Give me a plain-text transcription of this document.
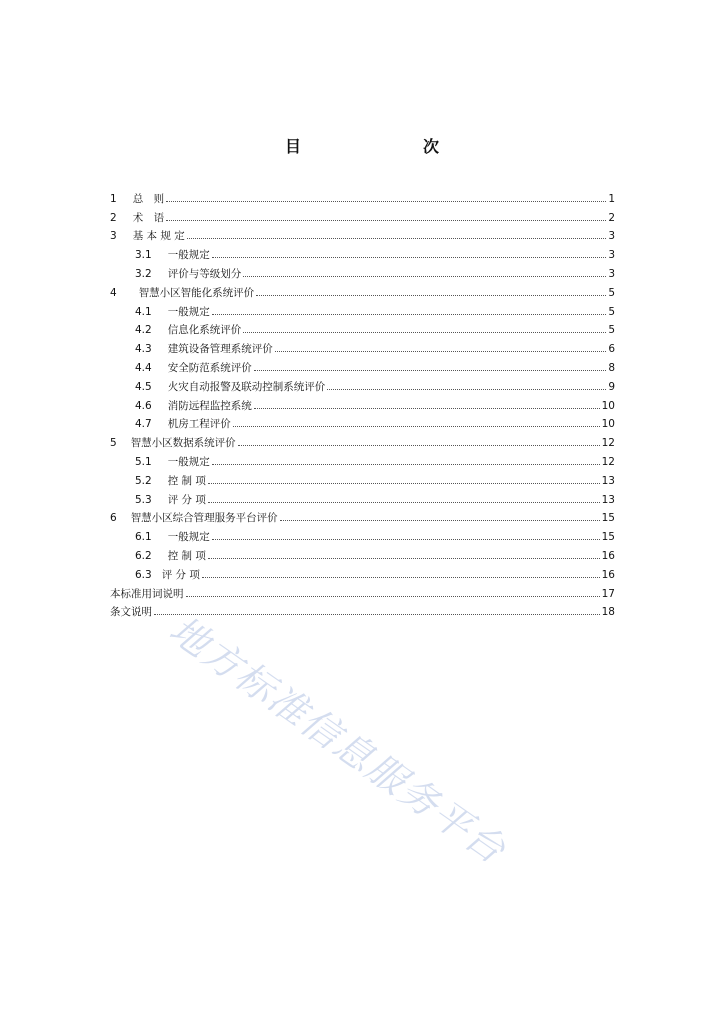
目　　次
1 总　则	1
2 术　语	2
3 基 本 规 定	3
3.1 一般规定	3
3.2 评价与等级划分	3
4 智慧小区智能化系统评价	5
4.1 一般规定	5
4.2 信息化系统评价	5
4.3 建筑设备管理系统评价	6
4.4 安全防范系统评价	8
4.5 火灾自动报警及联动控制系统评价	9
4.6 消防远程监控系统	10
4.7 机房工程评价	10
5 智慧小区数据系统评价	12
5.1 一般规定	12
5.2 控 制 项	13
5.3 评 分 项	13
6 智慧小区综合管理服务平台评价	15
6.1 一般规定	15
6.2 控 制 项	16
6.3 评 分 项	16
本标准用词说明	17
条文说明	18
地方标准信息服务平台
